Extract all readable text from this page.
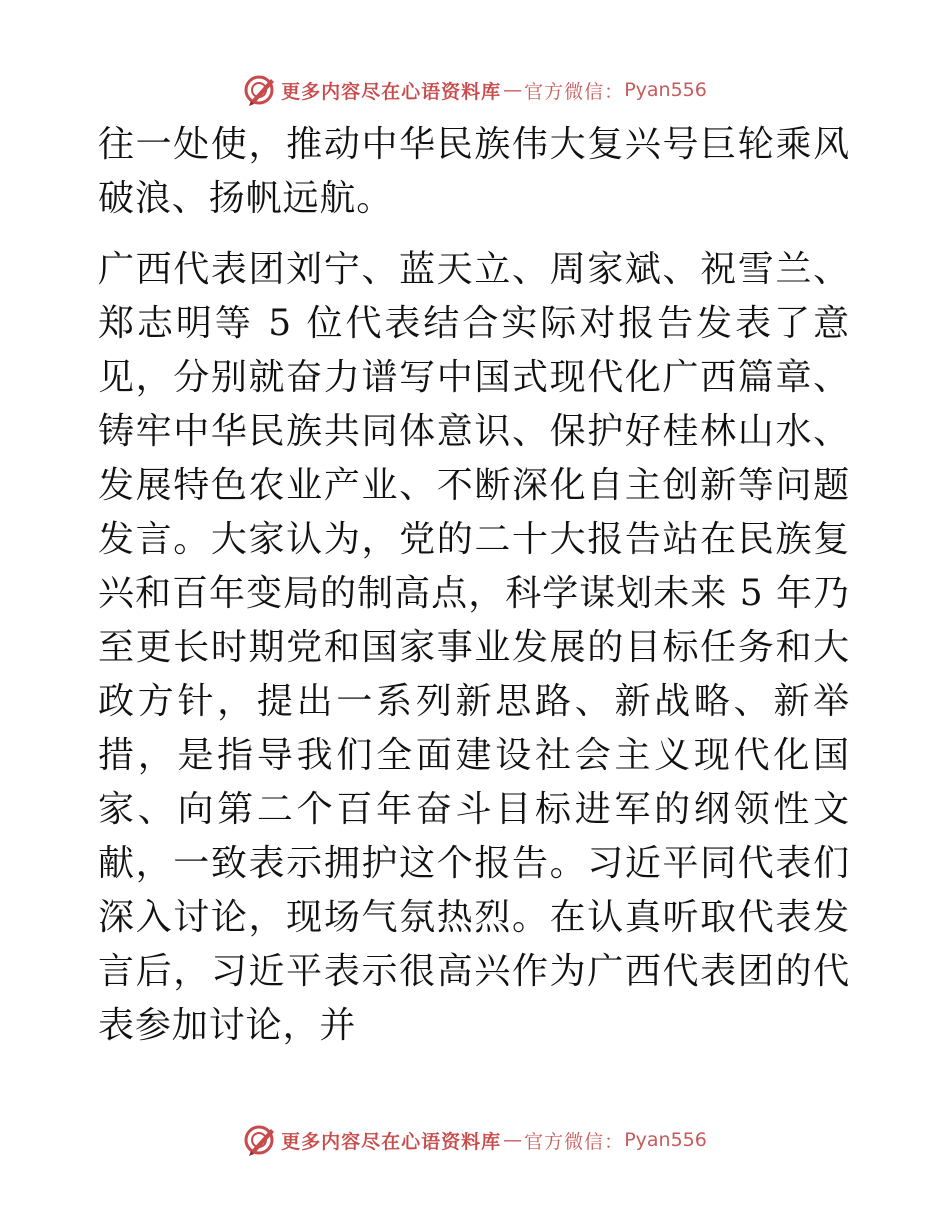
更多内容尽在心语资料库 — 官方微信： Pyan556

往一处使，推动中华民族伟大复兴号巨轮乘风破浪、扬帆远航。

广西代表团刘宁、蓝天立、周家斌、祝雪兰、郑志明等 5 位代表结合实际对报告发表了意见，分别就奋力谱写中国式现代化广西篇章、铸牢中华民族共同体意识、保护好桂林山水、发展特色农业产业、不断深化自主创新等问题发言。大家认为，党的二十大报告站在民族复兴和百年变局的制高点，科学谋划未来 5 年乃至更长时期党和国家事业发展的目标任务和大政方针，提出一系列新思路、新战略、新举措，是指导我们全面建设社会主义现代化国家、向第二个百年奋斗目标进军的纲领性文献，一致表示拥护这个报告。习近平同代表们深入讨论，现场气氛热烈。在认真听取代表发言后，习近平表示很高兴作为广西代表团的代表参加讨论，并

更多内容尽在心语资料库 — 官方微信： Pyan556
